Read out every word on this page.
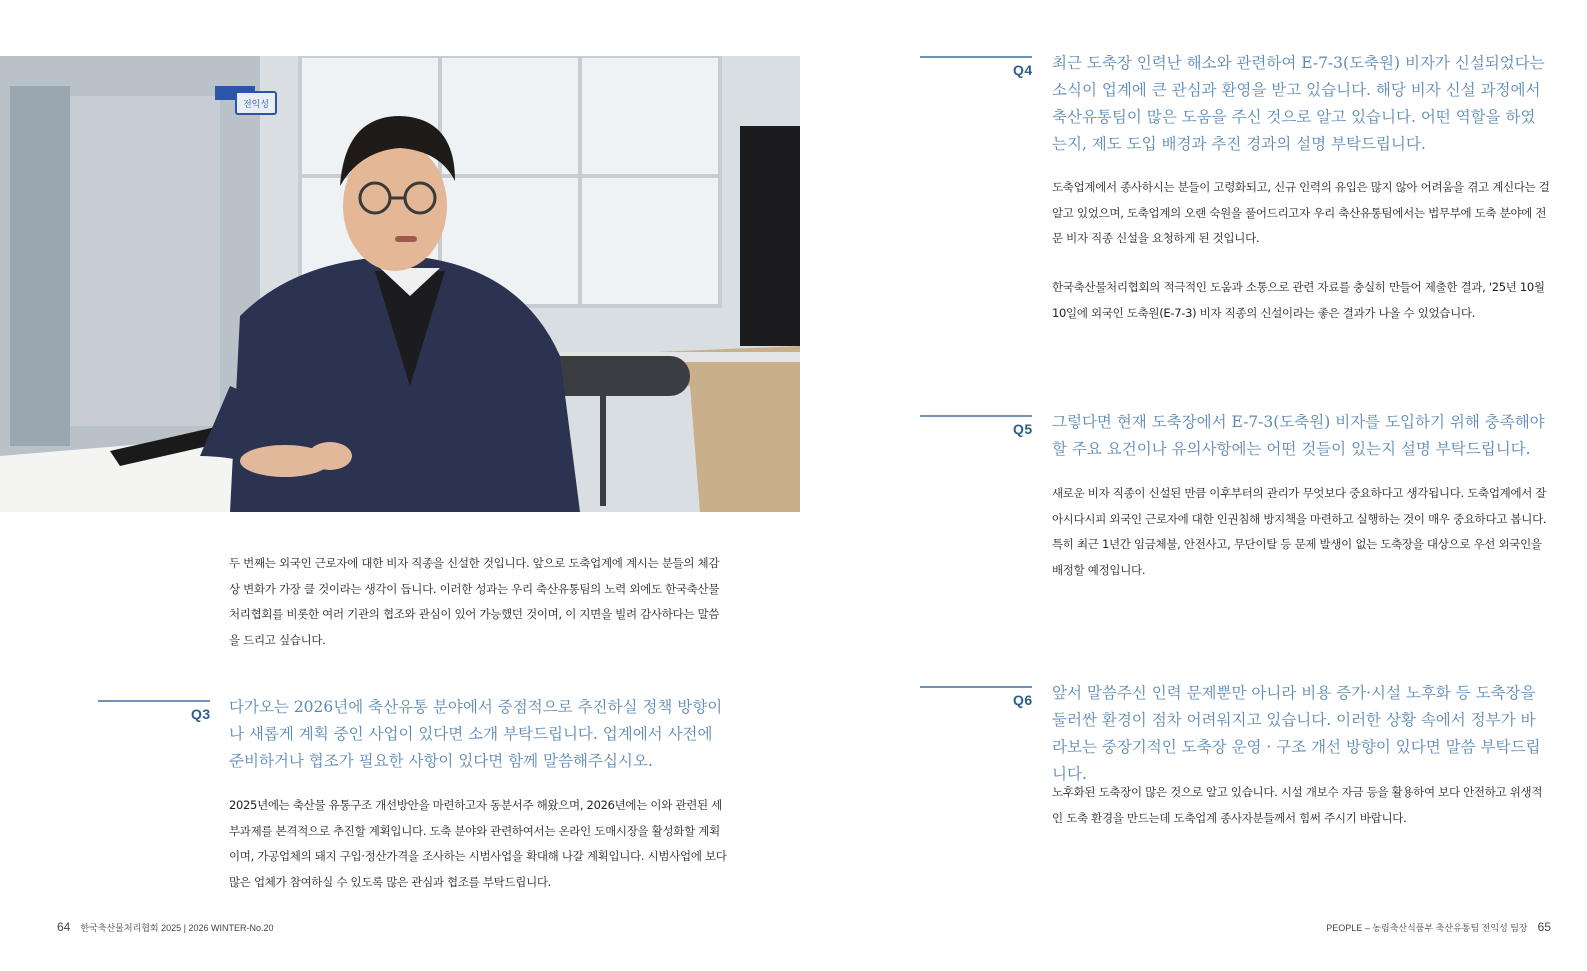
전익성

두 번째는 외국인 근로자에 대한 비자 직종을 신설한 것입니다. 앞으로 도축업계에 계시는 분들의 체감상 변화가 가장 클 것이라는 생각이 듭니다. 이러한 성과는 우리 축산유통팀의 노력 외에도 한국축산물처리협회를 비롯한 여러 기관의 협조와 관심이 있어 가능했던 것이며, 이 지면을 빌려 감사하다는 말씀을 드리고 싶습니다.

Q3 다가오는 2026년에 축산유통 분야에서 중점적으로 추진하실 정책 방향이나 새롭게 계획 중인 사업이 있다면 소개 부탁드립니다. 업계에서 사전에 준비하거나 협조가 필요한 사항이 있다면 함께 말씀해주십시오.

2025년에는 축산물 유통구조 개선방안을 마련하고자 동분서주 해왔으며, 2026년에는 이와 관련된 세부과제를 본격적으로 추진할 계획입니다. 도축 분야와 관련하여서는 온라인 도매시장을 활성화할 계획이며, 가공업체의 돼지 구입·정산가격을 조사하는 시범사업을 확대해 나갈 계획입니다. 시범사업에 보다 많은 업체가 참여하실 수 있도록 많은 관심과 협조를 부탁드립니다.

Q4 최근 도축장 인력난 해소와 관련하여 E-7-3(도축원) 비자가 신설되었다는 소식이 업계에 큰 관심과 환영을 받고 있습니다. 해당 비자 신설 과정에서 축산유통팀이 많은 도움을 주신 것으로 알고 있습니다. 어떤 역할을 하였는지, 제도 도입 배경과 추진 경과의 설명 부탁드립니다.

도축업계에서 종사하시는 분들이 고령화되고, 신규 인력의 유입은 많지 않아 어려움을 겪고 계신다는 걸 알고 있었으며, 도축업계의 오랜 숙원을 풀어드리고자 우리 축산유통팀에서는 법무부에 도축 분야에 전문 비자 직종 신설을 요청하게 된 것입니다.

한국축산물처리협회의 적극적인 도움과 소통으로 관련 자료를 충실히 만들어 제출한 결과, '25년 10월 10일에 외국인 도축원(E-7-3) 비자 직종의 신설이라는 좋은 결과가 나올 수 있었습니다.

Q5 그렇다면 현재 도축장에서 E-7-3(도축원) 비자를 도입하기 위해 충족해야 할 주요 요건이나 유의사항에는 어떤 것들이 있는지 설명 부탁드립니다.

새로운 비자 직종이 신설된 만큼 이후부터의 관리가 무엇보다 중요하다고 생각됩니다. 도축업계에서 잘 아시다시피 외국인 근로자에 대한 인권침해 방지책을 마련하고 실행하는 것이 매우 중요하다고 봅니다. 특히 최근 1년간 임금체불, 안전사고, 무단이탈 등 문제 발생이 없는 도축장을 대상으로 우선 외국인을 배정할 예정입니다.

Q6 앞서 말씀주신 인력 문제뿐만 아니라 비용 증가·시설 노후화 등 도축장을 둘러싼 환경이 점차 어려워지고 있습니다. 이러한 상황 속에서 정부가 바라보는 중장기적인 도축장 운영 · 구조 개선 방향이 있다면 말씀 부탁드립니다.

노후화된 도축장이 많은 것으로 알고 있습니다. 시설 개보수 자금 등을 활용하여 보다 안전하고 위생적인 도축 환경을 만드는데 도축업계 종사자분들께서 힘써 주시기 바랍니다.

64 한국축산물처리협회 2025 | 2026 WINTER-No.20	PEOPLE – 농림축산식품부 축산유통팀 전익성 팀장 65
